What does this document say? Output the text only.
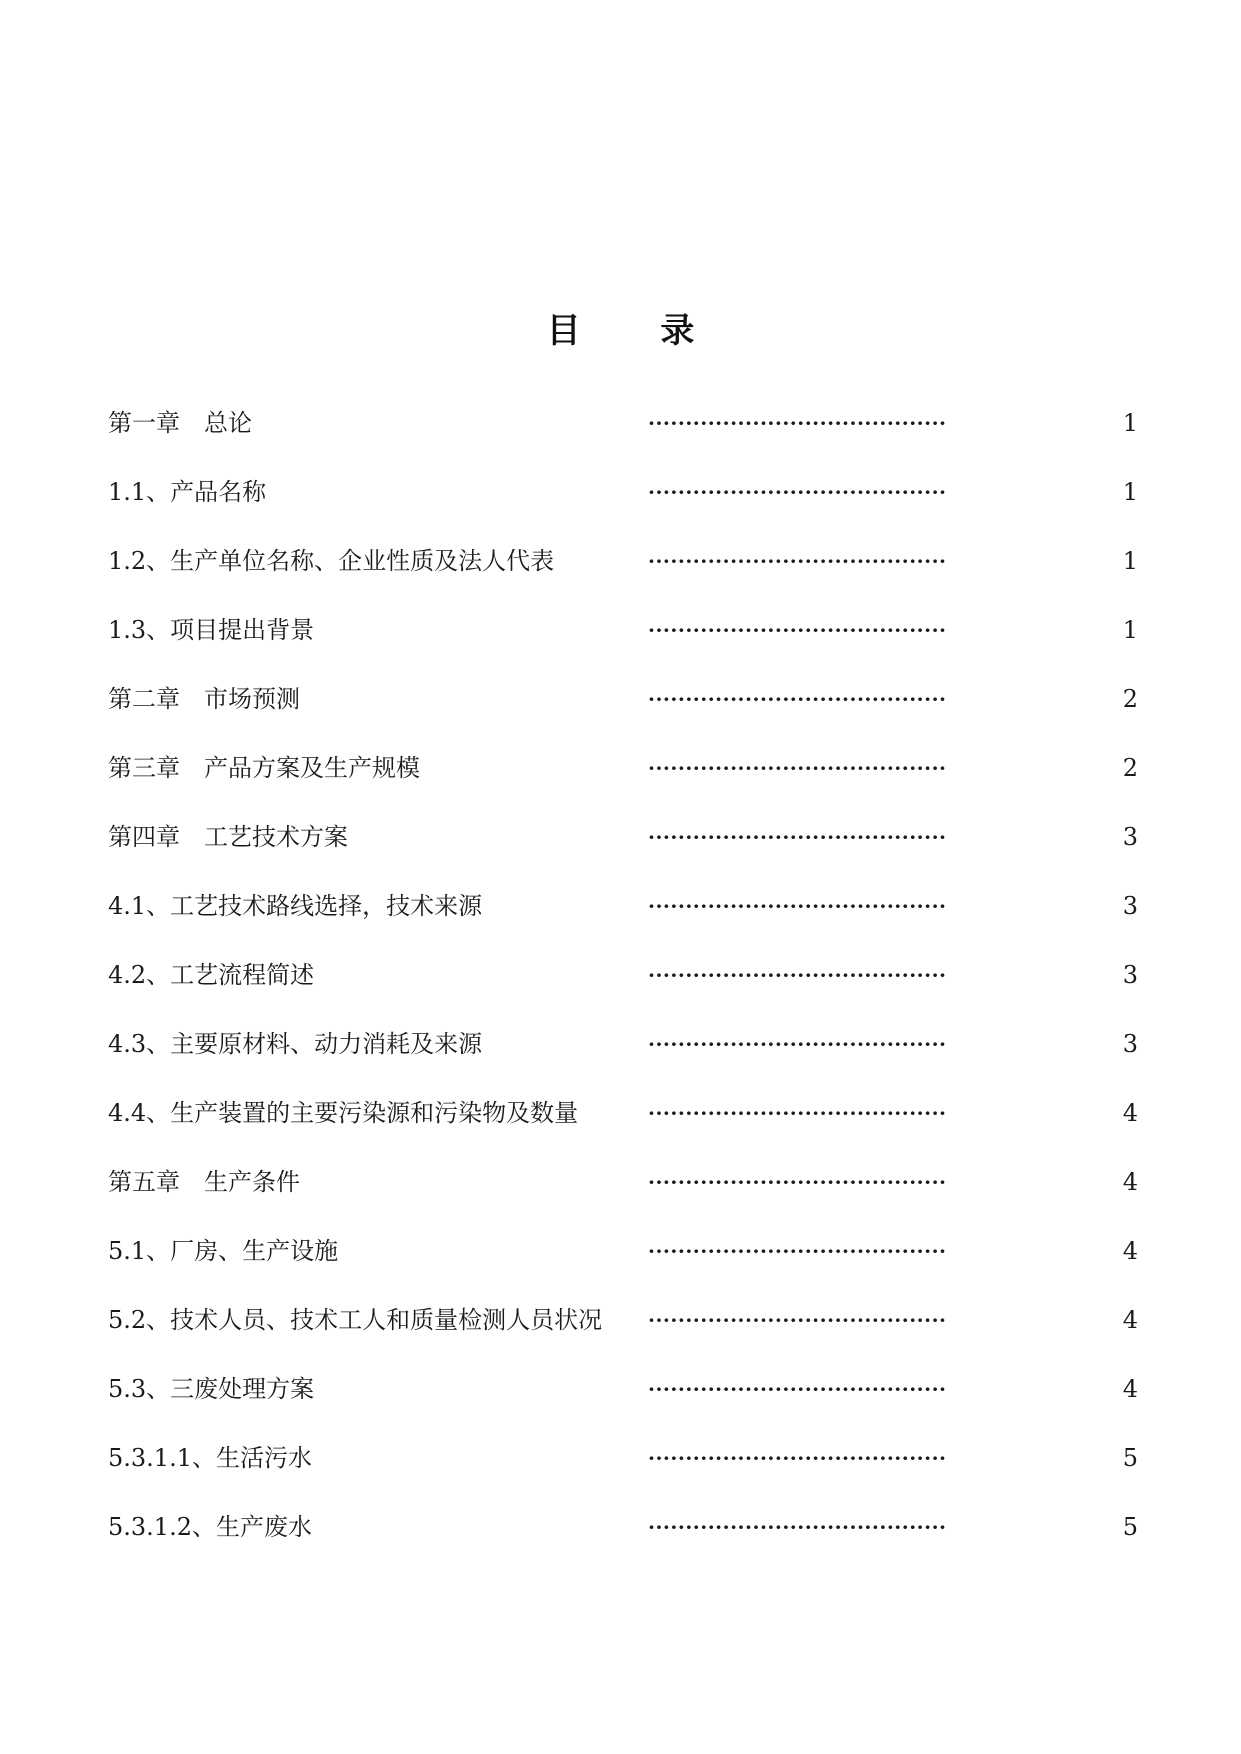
目 录
第一章　总论	········································	1
1.1、产品名称	········································	1
1.2、生产单位名称、企业性质及法人代表	········································	1
1.3、项目提出背景	········································	1
第二章　市场预测	········································	2
第三章　产品方案及生产规模	········································	2
第四章　工艺技术方案	········································	3
4.1、工艺技术路线选择，技术来源	········································	3
4.2、工艺流程简述	········································	3
4.3、主要原材料、动力消耗及来源	········································	3
4.4、生产装置的主要污染源和污染物及数量	········································	4
第五章　生产条件	········································	4
5.1、厂房、生产设施	········································	4
5.2、技术人员、技术工人和质量检测人员状况 ········································	4
5.3、三废处理方案	········································	4
5.3.1.1、生活污水	········································	5
5.3.1.2、生产废水	········································	5
